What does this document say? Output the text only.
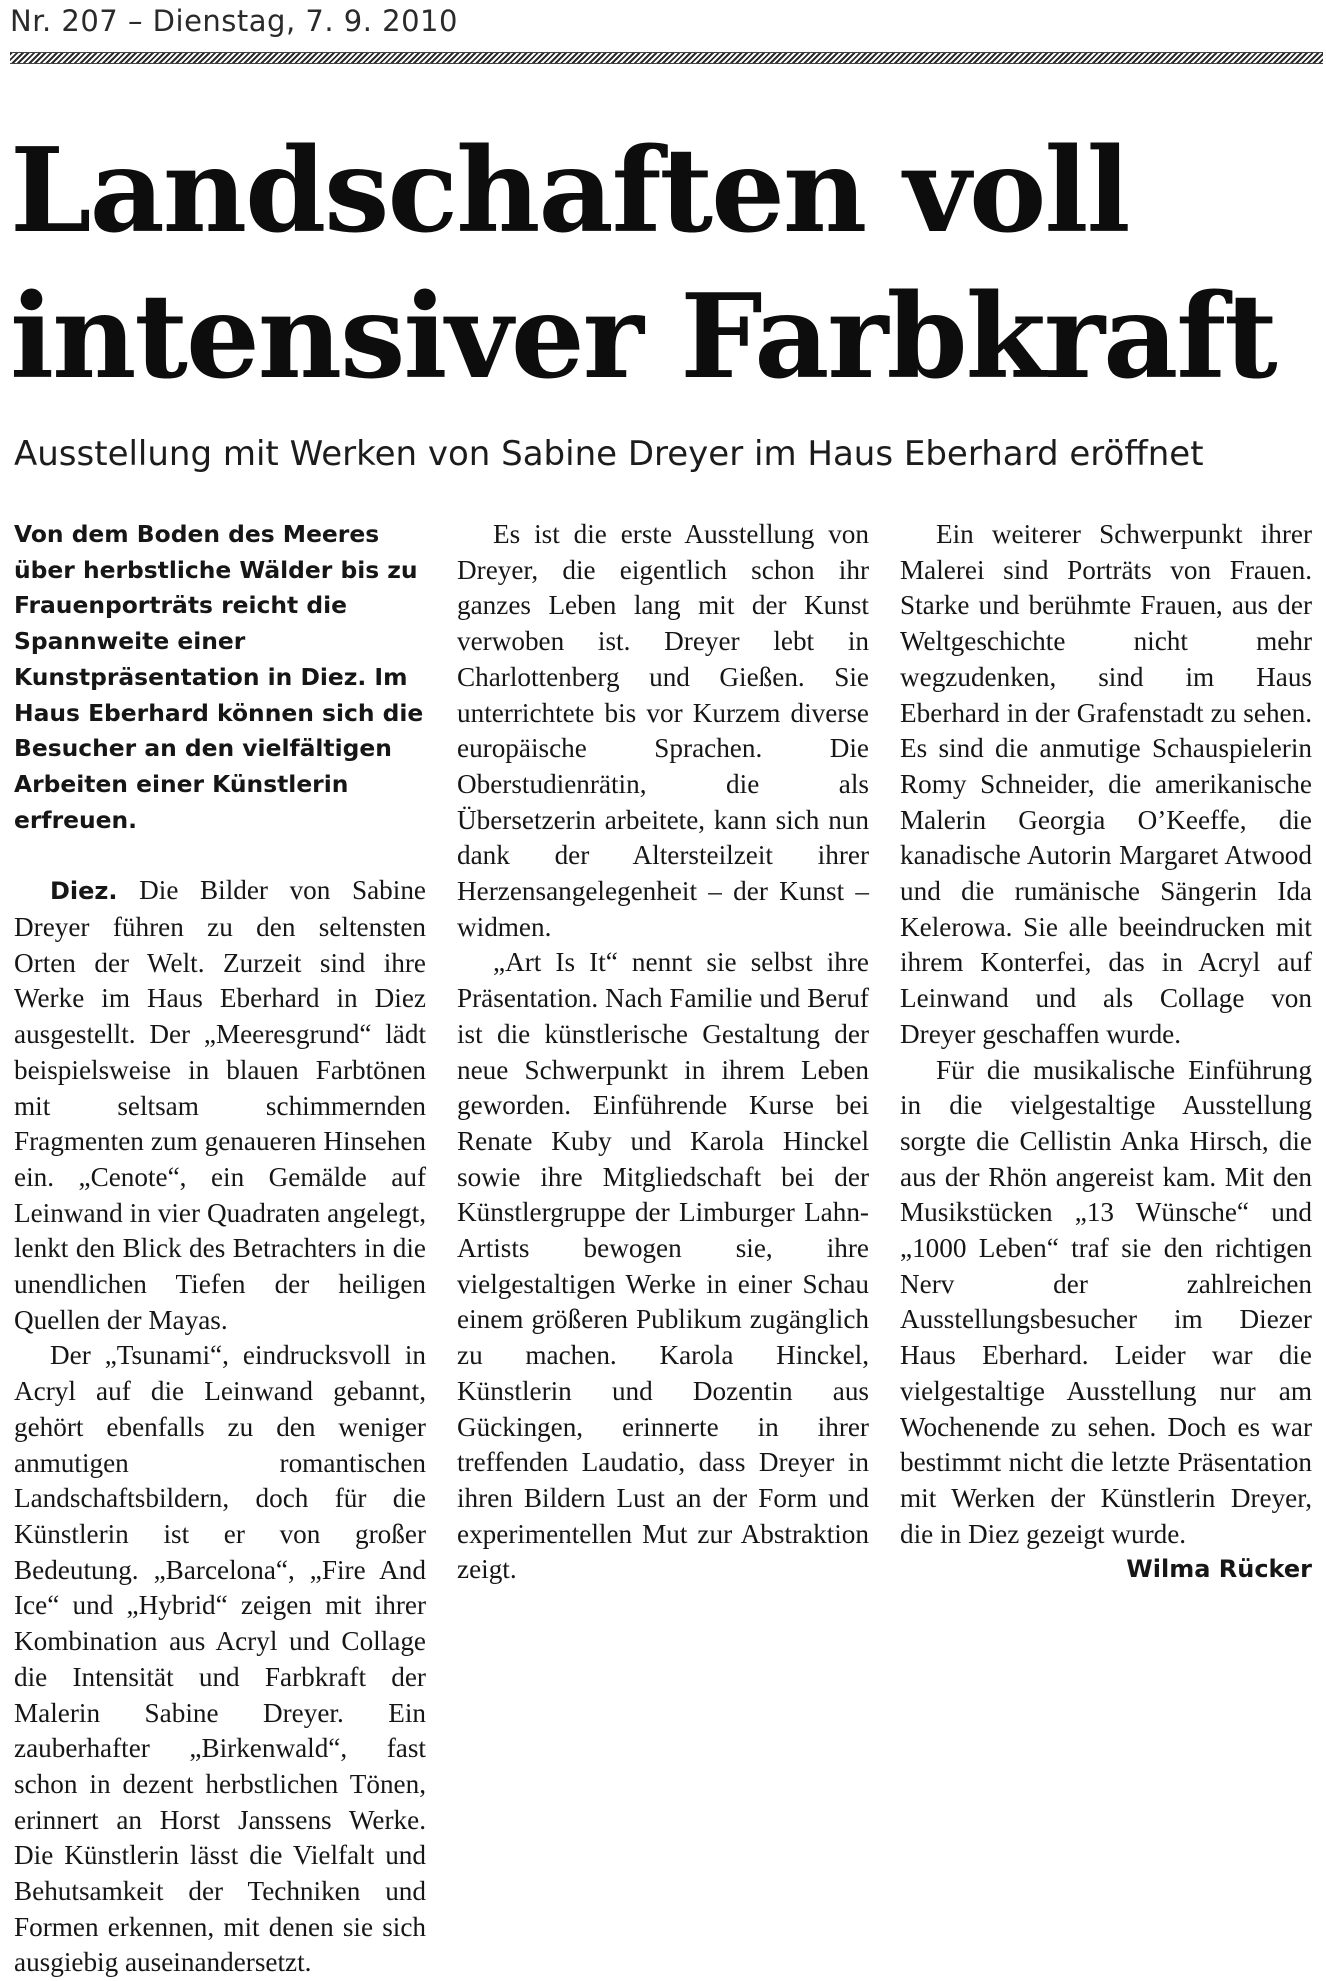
Nr. 207 – Dienstag, 7. 9. 2010
Landschaften voll
intensiver Farbkraft
Ausstellung mit Werken von Sabine Dreyer im Haus Eberhard eröffnet

Von dem Boden des Meeres über herbstliche Wälder bis zu Frauenporträts reicht die Spannweite einer Kunstpräsentation in Diez. Im Haus Eberhard können sich die Besucher an den vielfältigen Arbeiten einer Künstlerin erfreuen.

Diez. Die Bilder von Sabine Dreyer führen zu den seltensten Orten der Welt. Zurzeit sind ihre Werke im Haus Eberhard in Diez ausgestellt. Der „Meeresgrund“ lädt beispielsweise in blauen Farbtönen mit seltsam schimmernden Fragmenten zum genaueren Hinsehen ein. „Cenote“, ein Gemälde auf Leinwand in vier Quadraten angelegt, lenkt den Blick des Betrachters in die unendlichen Tiefen der heiligen Quellen der Mayas.

Der „Tsunami“, eindrucksvoll in Acryl auf die Leinwand gebannt, gehört ebenfalls zu den weniger anmutigen romantischen Landschaftsbildern, doch für die Künstlerin ist er von großer Bedeutung. „Barcelona“, „Fire And Ice“ und „Hybrid“ zeigen mit ihrer Kombination aus Acryl und Collage die Intensität und Farbkraft der Malerin Sabine Dreyer. Ein zauberhafter „Birkenwald“, fast schon in dezent herbstlichen Tönen, erinnert an Horst Janssens Werke. Die Künstlerin lässt die Vielfalt und Behutsamkeit der Techniken und Formen erkennen, mit denen sie sich ausgiebig auseinandersetzt.

Es ist die erste Ausstellung von Dreyer, die eigentlich schon ihr ganzes Leben lang mit der Kunst verwoben ist. Dreyer lebt in Charlottenberg und Gießen. Sie unterrichtete bis vor Kurzem diverse europäische Sprachen. Die Oberstudienrätin, die als Übersetzerin arbeitete, kann sich nun dank der Altersteilzeit ihrer Herzensangelegenheit – der Kunst – widmen.

„Art Is It“ nennt sie selbst ihre Präsentation. Nach Familie und Beruf ist die künstlerische Gestaltung der neue Schwerpunkt in ihrem Leben geworden. Einführende Kurse bei Renate Kuby und Karola Hinckel sowie ihre Mitgliedschaft bei der Künstlergruppe der Limburger Lahn-Artists bewogen sie, ihre vielgestaltigen Werke in einer Schau einem größeren Publikum zugänglich zu machen. Karola Hinckel, Künstlerin und Dozentin aus Gückingen, erinnerte in ihrer treffenden Laudatio, dass Dreyer in ihren Bildern Lust an der Form und experimentellen Mut zur Abstraktion zeigt.

Ein weiterer Schwerpunkt ihrer Malerei sind Porträts von Frauen. Starke und berühmte Frauen, aus der Weltgeschichte nicht mehr wegzudenken, sind im Haus Eberhard in der Grafenstadt zu sehen. Es sind die anmutige Schauspielerin Romy Schneider, die amerikanische Malerin Georgia O’Keeffe, die kanadische Autorin Margaret Atwood und die rumänische Sängerin Ida Kelerowa. Sie alle beeindrucken mit ihrem Konterfei, das in Acryl auf Leinwand und als Collage von Dreyer geschaffen wurde.

Für die musikalische Einführung in die vielgestaltige Ausstellung sorgte die Cellistin Anka Hirsch, die aus der Rhön angereist kam. Mit den Musikstücken „13 Wünsche“ und „1000 Leben“ traf sie den richtigen Nerv der zahlreichen Ausstellungsbesucher im Diezer Haus Eberhard. Leider war die vielgestaltige Ausstellung nur am Wochenende zu sehen. Doch es war bestimmt nicht die letzte Präsentation mit Werken der Künstlerin Dreyer, die in Diez gezeigt wurde.
Wilma Rücker
